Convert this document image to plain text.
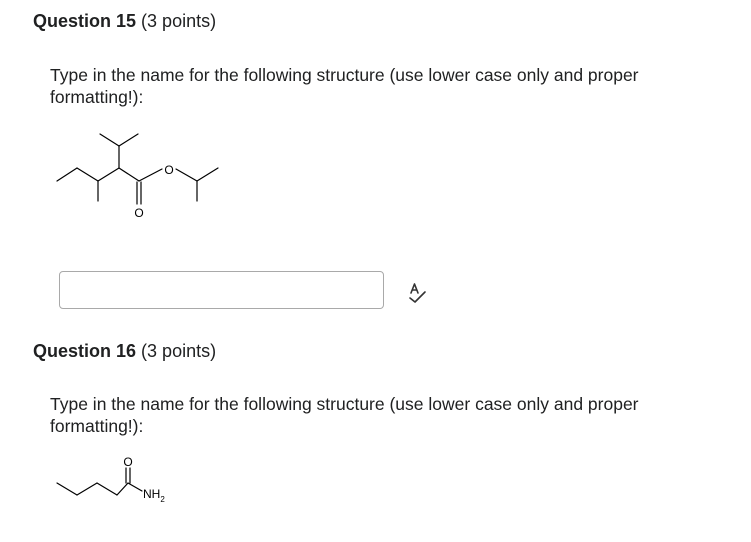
Question 15 (3 points)
Type in the name for the following structure (use lower case only and proper formatting!):
O
O
Question 16 (3 points)
Type in the name for the following structure (use lower case only and proper formatting!):
O
$NH_2$
